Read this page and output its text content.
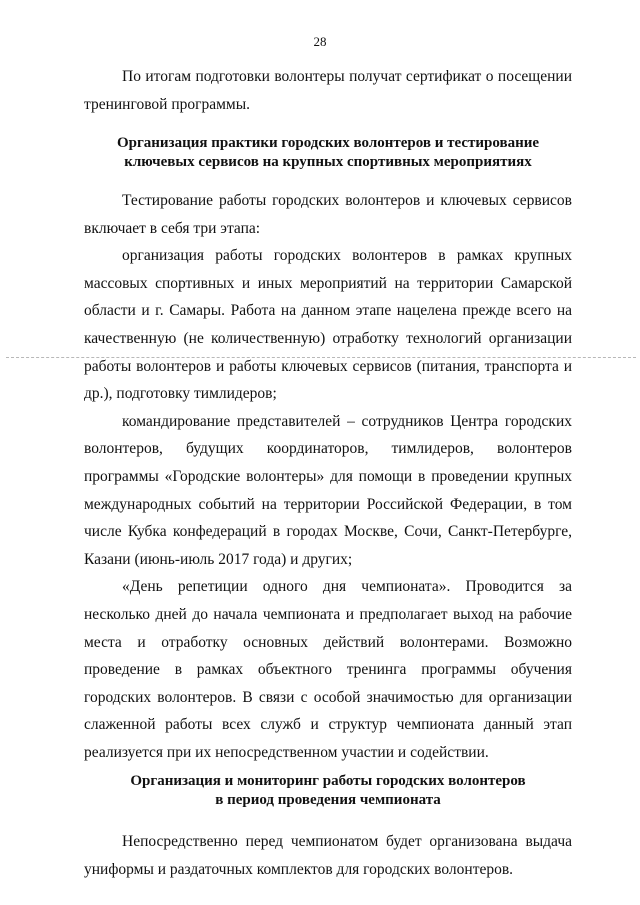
28

По итогам подготовки волонтеры получат сертификат о посещении тренинговой программы.

Организация практики городских волонтеров и тестирование
ключевых сервисов на крупных спортивных мероприятиях

Тестирование работы городских волонтеров и ключевых сервисов включает в себя три этапа:

организация работы городских волонтеров в рамках крупных массовых спортивных и иных мероприятий на территории Самарской области и г. Самары. Работа на данном этапе нацелена прежде всего на качественную (не количественную) отработку технологий организации работы волонтеров и работы ключевых сервисов (питания, транспорта и др.), подготовку тимлидеров;

командирование представителей – сотрудников Центра городских волонтеров, будущих координаторов, тимлидеров, волонтеров программы «Городские волонтеры» для помощи в проведении крупных международных событий на территории Российской Федерации, в том числе Кубка конфедераций в городах Москве, Сочи, Санкт-Петербурге, Казани (июнь-июль 2017 года) и других;

«День репетиции одного дня чемпионата». Проводится за несколько дней до начала чемпионата и предполагает выход на рабочие места и отработку основных действий волонтерами. Возможно проведение в рамках объектного тренинга программы обучения городских волонтеров. В связи с особой значимостью для организации слаженной работы всех служб и структур чемпионата данный этап реализуется при их непосредственном участии и содействии.

Организация и мониторинг работы городских волонтеров
в период проведения чемпионата

Непосредственно перед чемпионатом будет организована выдача униформы и раздаточных комплектов для городских волонтеров.
